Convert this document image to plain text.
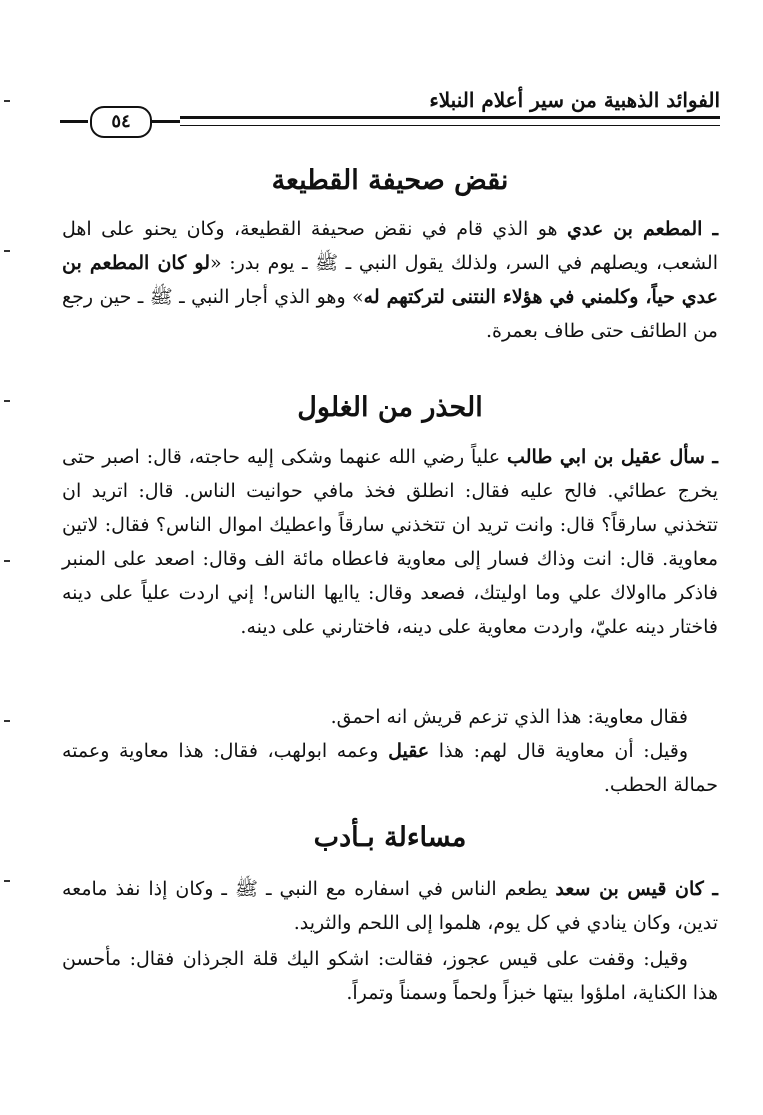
الفوائد الذهبية من سير أعلام النبلاء
٥٤
نقض صحيفة القطيعة
ـ المطعم بن عدي هو الذي قام في نقض صحيفة القطيعة، وكان يحنو على اهل الشعب، ويصلهم في السر، ولذلك يقول النبي ـ ﷺ ـ يوم بدر: «لو كان المطعم بن عدي حياً، وكلمني في هؤلاء النتنى لتركتهم له» وهو الذي أجار النبي ـ ﷺ ـ حين رجع من الطائف حتى طاف بعمرة.
الحذر من الغلول
ـ سأل عقيل بن ابي طالب علياً رضي الله عنهما وشكى إليه حاجته، قال: اصبر حتى يخرج عطائي. فالح عليه فقال: انطلق فخذ مافي حوانيت الناس. قال: اتريد ان تتخذني سارقاً؟ قال: وانت تريد ان تتخذني سارقاً واعطيك اموال الناس؟ فقال: لاتين معاوية. قال: انت وذاك فسار إلى معاوية فاعطاه مائة الف وقال: اصعد على المنبر فاذكر مااولاك علي وما اوليتك، فصعد وقال: ياايها الناس! إني اردت علياً على دينه فاختار دينه عليّ، واردت معاوية على دينه، فاختارني على دينه.
فقال معاوية: هذا الذي تزعم قريش انه احمق.
وقيل: أن معاوية قال لهم: هذا عقيل وعمه ابولهب، فقال: هذا معاوية وعمته حمالة الحطب.
مساءلة بـأدب
ـ كان قيس بن سعد يطعم الناس في اسفاره مع النبي ـ ﷺ ـ وكان إذا نفذ مامعه تدين، وكان ينادي في كل يوم، هلموا إلى اللحم والثريد.
وقيل: وقفت على قيس عجوز، فقالت: اشكو اليك قلة الجرذان فقال: مأحسن هذا الكناية، املؤوا بيتها خبزاً ولحماً وسمناً وتمراً.
